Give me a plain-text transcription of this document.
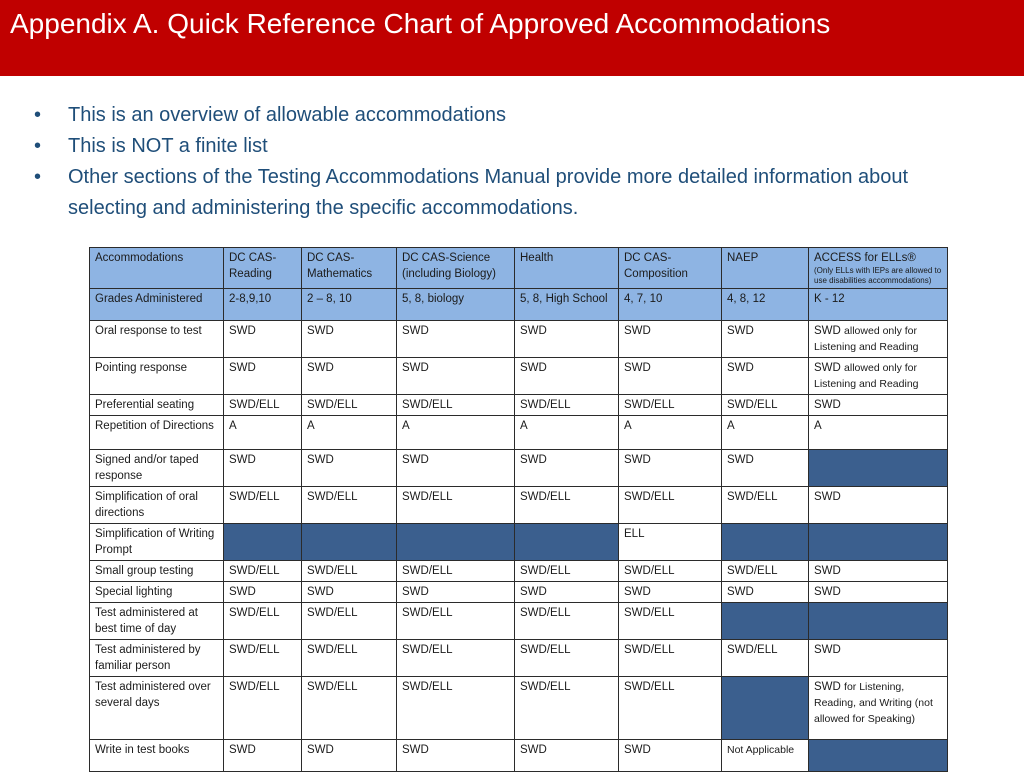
Appendix A. Quick Reference Chart of Approved Accommodations
• This is an overview of allowable accommodations
• This is NOT a finite list
• Other sections of the Testing Accommodations Manual provide more detailed information about selecting and administering the specific accommodations.
Accommodations	DC CAS-Reading	DC CAS-Mathematics	DC CAS-Science (including Biology)	Health	DC CAS-Composition	NAEP	ACCESS for ELLs®
(Only ELLs with IEPs are allowed to use disabilities accommodations)

Grades Administered	2-8,9,10	2 – 8, 10	5, 8, biology	5, 8, High School	4, 7, 10	4, 8, 12	K - 12
Oral response to test	SWD	SWD	SWD	SWD	SWD	SWD	SWD allowed only for Listening and Reading
Pointing response	SWD	SWD	SWD	SWD	SWD	SWD	SWD allowed only for Listening and Reading
Preferential seating	SWD/ELL	SWD/ELL	SWD/ELL	SWD/ELL	SWD/ELL	SWD/ELL	SWD
Repetition of Directions	A	A	A	A	A	A	A
Signed and/or taped response	SWD	SWD	SWD	SWD	SWD	SWD	
Simplification of oral directions	SWD/ELL	SWD/ELL	SWD/ELL	SWD/ELL	SWD/ELL	SWD/ELL	SWD
Simplification of Writing Prompt					ELL		
Small group testing	SWD/ELL	SWD/ELL	SWD/ELL	SWD/ELL	SWD/ELL	SWD/ELL	SWD
Special lighting	SWD	SWD	SWD	SWD	SWD	SWD	SWD
Test administered at best time of day	SWD/ELL	SWD/ELL	SWD/ELL	SWD/ELL	SWD/ELL		
Test administered by familiar person	SWD/ELL	SWD/ELL	SWD/ELL	SWD/ELL	SWD/ELL	SWD/ELL	SWD
Test administered over several days	SWD/ELL	SWD/ELL	SWD/ELL	SWD/ELL	SWD/ELL		SWD for Listening, Reading, and Writing (not allowed for Speaking)
Write in test books	SWD	SWD	SWD	SWD	SWD	Not Applicable	
